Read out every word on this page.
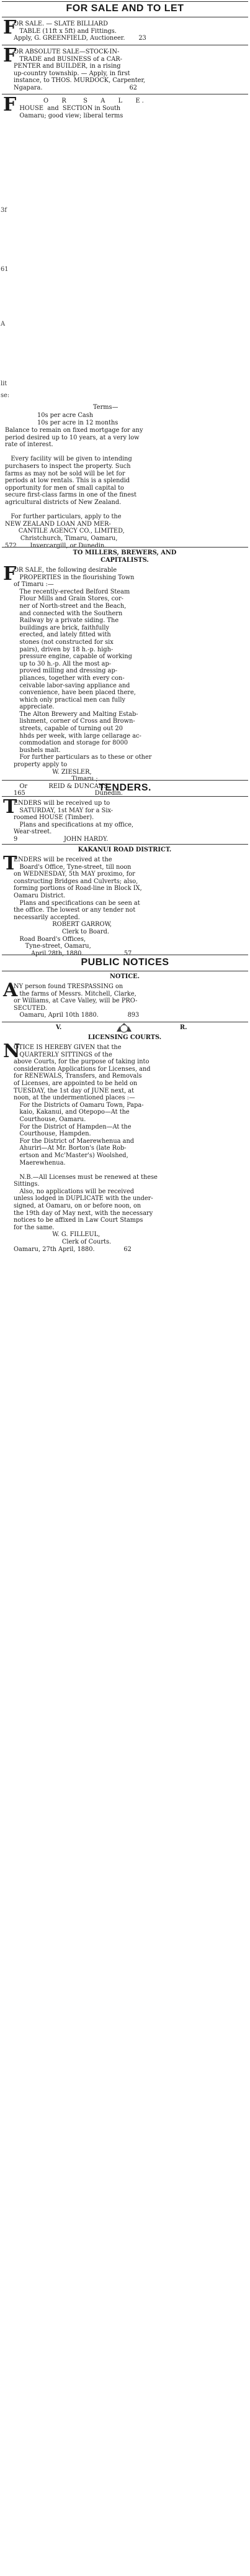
FOR SALE AND TO LET
F
OR SALE. — SLATE BILLIARD
TABLE (11ft x 5ft) and Fittings.
Apply, G. GREENFIELD, Auctioneer.       23
F
OR ABSOLUTE SALE—STOCK-IN-
TRADE and BUSINESS of a CAR-
PENTER and BUILDER, in a rising
up-country township. — Apply, in first
instance, to THOS. MURDOCK, Carpenter,
Ngapara.                                             62
F	O   R    S   A   L   E.
HOUSE  and  SECTION in South
Oamaru; good view; liberal terms
3f
61
A
lit
se:
Terms—
10s per acre Cash
10s per acre in 12 months
Balance to remain on fixed mortgage for any
period desired up to 10 years, at a very low
rate of interest.

Every facility will be given to intending
purchasers to inspect the property. Such
farms as may not be sold will be let for
periods at low rentals. This is a splendid
opportunity for men of small capital to
secure first-class farms in one of the finest
agricultural districts of New Zealand.

For further particulars, apply to the
NEW ZEALAND LOAN AND MER-
CANTILE AGENCY CO., LIMITED,
Christchurch, Timaru, Oamaru,
572       Invercargill, or Dunedin.
TO MILLERS, BREWERS, AND
CAPITALISTS.
F
OR SALE, the following desirable
PROPERTIES in the flourishing Town
of Timaru :—
The recently-erected Belford Steam
Flour Mills and Grain Stores, cor-
ner of North-street and the Beach,
and connected with the Southern
Railway by a private siding. The
buildings are brick, faithfully
erected, and lately fitted with
stones (not constructed for six
pairs), driven by 18 h.-p. high-
pressure engine, capable of working
up to 30 h.-p. All the most ap-
proved milling and dressing ap-
pliances, together with every con-
ceivable labor-saving appliance and
convenience, have been placed there,
which only practical men can fully
appreciate.
The Alton Brewery and Malting Estab-
lishment, corner of Cross and Brown-
streets, capable of turning out 20
hhds per week, with large cellarage ac-
commodation and storage for 8000
bushels malt.
For further particulars as to these or other
property apply to
W. ZIESLER,
Timaru ;
Or           REID & DUNCANS,
165                                    Dunedin.
TENDERS.
T
ENDERS will be received up to
SATURDAY, 1st MAY for a Six-
roomed HOUSE (Timber).
Plans and specifications at my office,
Wear-street.
9                        JOHN HARDY.
KAKANUI ROAD DISTRICT.
T
ENDERS will be received at the
Board's Office, Tyne-street, till noon
on WEDNESDAY, 5th MAY proximo, for
constructing Bridges and Culverts; also,
forming portions of Road-line in Block IX,
Oamaru District.
Plans and specifications can be seen at
the office. The lowest or any tender not
necessarily accepted.
ROBERT GARROW,
Clerk to Board.
Road Board's Offices,
Tyne-street, Oamaru,
April 28th, 1880.                     57
PUBLIC NOTICES
NOTICE.
A
NY person found TRESPASSING on
the farms of Messrs. Mitchell, Clarke,
or Williams, at Cave Valley, will be PRO-
SECUTED.
Oamaru, April 10th 1880.               893
V.	R.
LICENSING COURTS.
N
OTICE IS HEREBY GIVEN that the
QUARTERLY SITTINGS of the
above Courts, for the purpose of taking into
consideration Applications for Licenses, and
for RENEWALS, Transfers, and Removals
of Licenses, are appointed to be held on
TUESDAY, the 1st day of JUNE next, at
noon, at the undermentioned places :—
For the Districts of Oamaru Town, Papa-
kaio, Kakanui, and Otepopo—At the
Courthouse, Oamaru.
For the District of Hampden—At the
Courthouse, Hampden.
For the District of Maerewhenua and
Ahuriri—At Mr. Borton's (late Rob-
ertson and Mc'Master's) Woolshed,
Maerewhenua.

N.B.—All Licenses must be renewed at these
Sittings.
Also, no applications will be received
unless lodged in DUPLICATE with the under-
signed, at Oamaru, on or before noon, on
the 19th day of May next, with the necessary
notices to be affixed in Law Court Stamps
for the same.
W. G. FILLEUL,
Clerk of Courts.
Oamaru, 27th April, 1880.               62
